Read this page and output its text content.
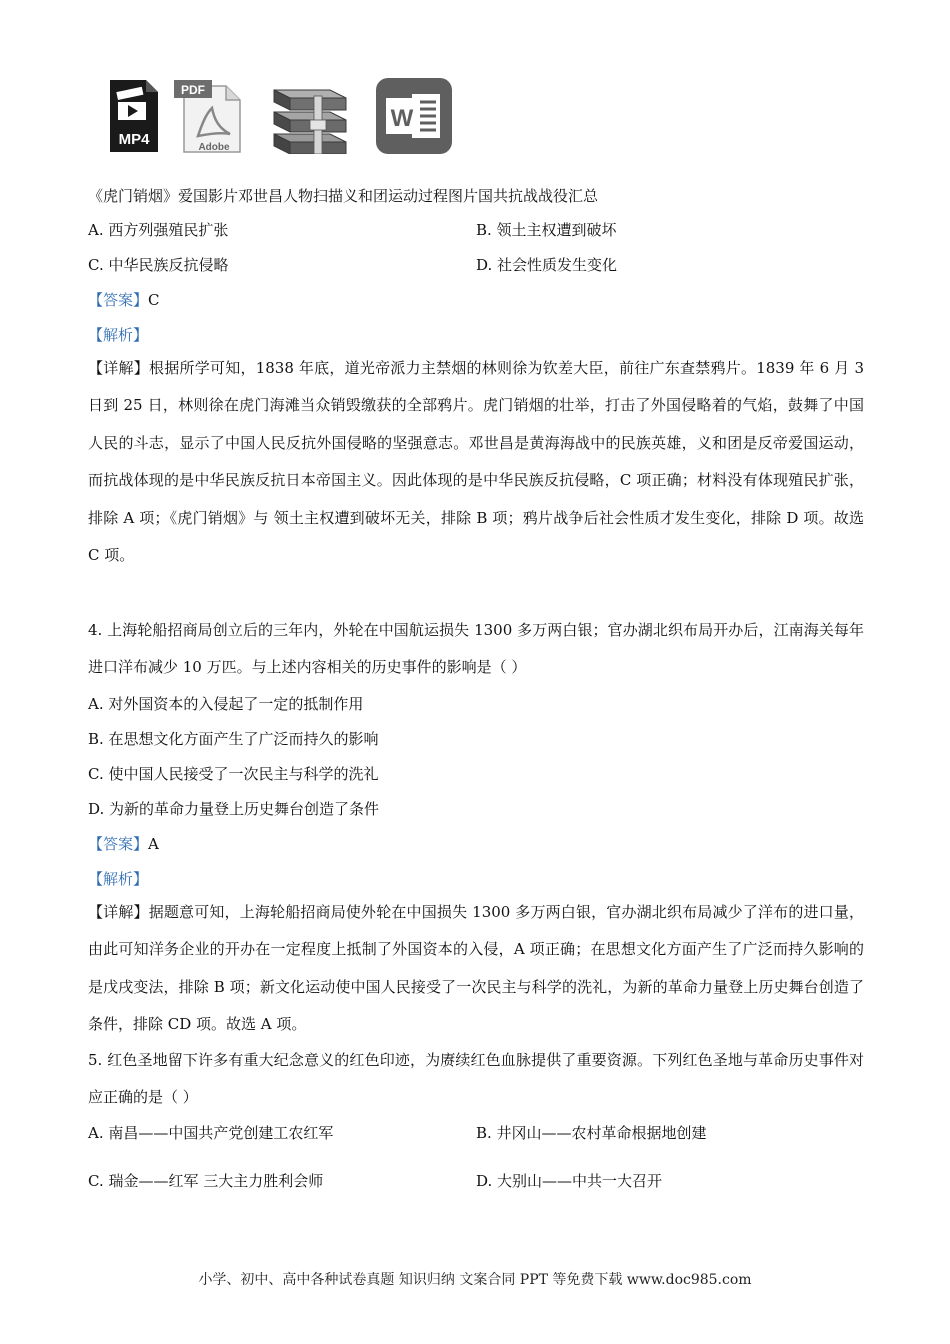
MP4
PDF
Adobe
W
《虎门销烟》爱国影片邓世昌人物扫描义和团运动过程图片国共抗战战役汇总
A. 西方列强殖民扩张	B. 领土主权遭到破坏
C. 中华民族反抗侵略	D. 社会性质发生变化
【答案】C
【解析】
【详解】根据所学可知，1838 年底，道光帝派力主禁烟的林则徐为钦差大臣，前往广东查禁鸦片。1839 年 6 月 3 日到 25 日，林则徐在虎门海滩当众销毁缴获的全部鸦片。虎门销烟的壮举，打击了外国侵略着的气焰，鼓舞了中国人民的斗志，显示了中国人民反抗外国侵略的坚强意志。邓世昌是黄海海战中的民族英雄，义和团是反帝爱国运动，而抗战体现的是中华民族反抗日本帝国主义。因此体现的是中华民族反抗侵略，C 项正确；材料没有体现殖民扩张，排除 A 项；《虎门销烟》与 领土主权遭到破坏无关，排除 B 项；鸦片战争后社会性质才发生变化，排除 D 项。故选 C 项。
4. 上海轮船招商局创立后的三年内，外轮在中国航运损失 1300 多万两白银；官办湖北织布局开办后，江南海关每年进口洋布减少 10 万匹。与上述内容相关的历史事件的影响是（ ）
A. 对外国资本的入侵起了一定的抵制作用
B. 在思想文化方面产生了广泛而持久的影响
C. 使中国人民接受了一次民主与科学的洗礼
D. 为新的革命力量登上历史舞台创造了条件
【答案】A
【解析】
【详解】据题意可知，上海轮船招商局使外轮在中国损失 1300 多万两白银，官办湖北织布局减少了洋布的进口量，由此可知洋务企业的开办在一定程度上抵制了外国资本的入侵，A 项正确；在思想文化方面产生了广泛而持久影响的是戊戌变法，排除 B 项；新文化运动使中国人民接受了一次民主与科学的洗礼，为新的革命力量登上历史舞台创造了条件，排除 CD 项。故选 A 项。
5. 红色圣地留下许多有重大纪念意义的红色印迹，为赓续红色血脉提供了重要资源。下列红色圣地与革命历史事件对应正确的是（ ）
A. 南昌——中国共产党创建工农红军	B. 井冈山——农村革命根据地创建
C. 瑞金——红军 三大主力胜利会师	D. 大别山——中共一大召开
小学、初中、高中各种试卷真题 知识归纳 文案合同 PPT 等免费下载 www.doc985.com
